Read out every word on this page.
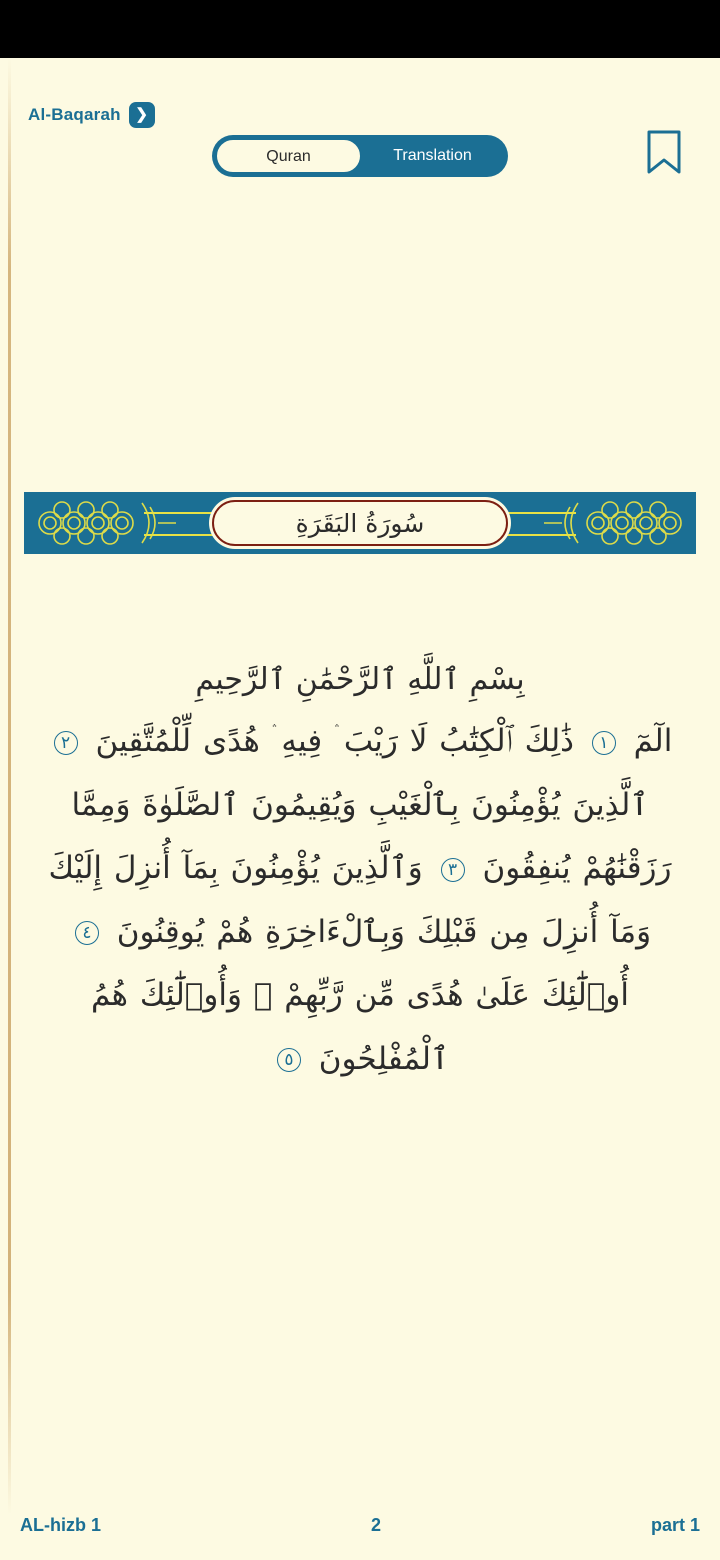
Al-Baqarah ❯
Quran	Translation
سُورَةُ البَقَرَةِ
بِسْمِ ٱللَّهِ ٱلرَّحْمَٰنِ ٱلرَّحِيمِ
الٓمٓ ١ ذَٰلِكَ ٱلْكِتَٰبُ لَا رَيْبَ ۛ فِيهِ ۛ هُدًى لِّلْمُتَّقِينَ ٢ ٱلَّذِينَ يُؤْمِنُونَ بِٱلْغَيْبِ وَيُقِيمُونَ ٱلصَّلَوٰةَ وَمِمَّا رَزَقْنَٰهُمْ يُنفِقُونَ ٣ وَٱلَّذِينَ يُؤْمِنُونَ بِمَآ أُنزِلَ إِلَيْكَ وَمَآ أُنزِلَ مِن قَبْلِكَ وَبِٱلْءَاخِرَةِ هُمْ يُوقِنُونَ ٤ أُو۟لَٰٓئِكَ عَلَىٰ هُدًى مِّن رَّبِّهِمْ ۖ وَأُو۟لَٰٓئِكَ هُمُ ٱلْمُفْلِحُونَ ٥
AL-hizb 1	2	part 1
